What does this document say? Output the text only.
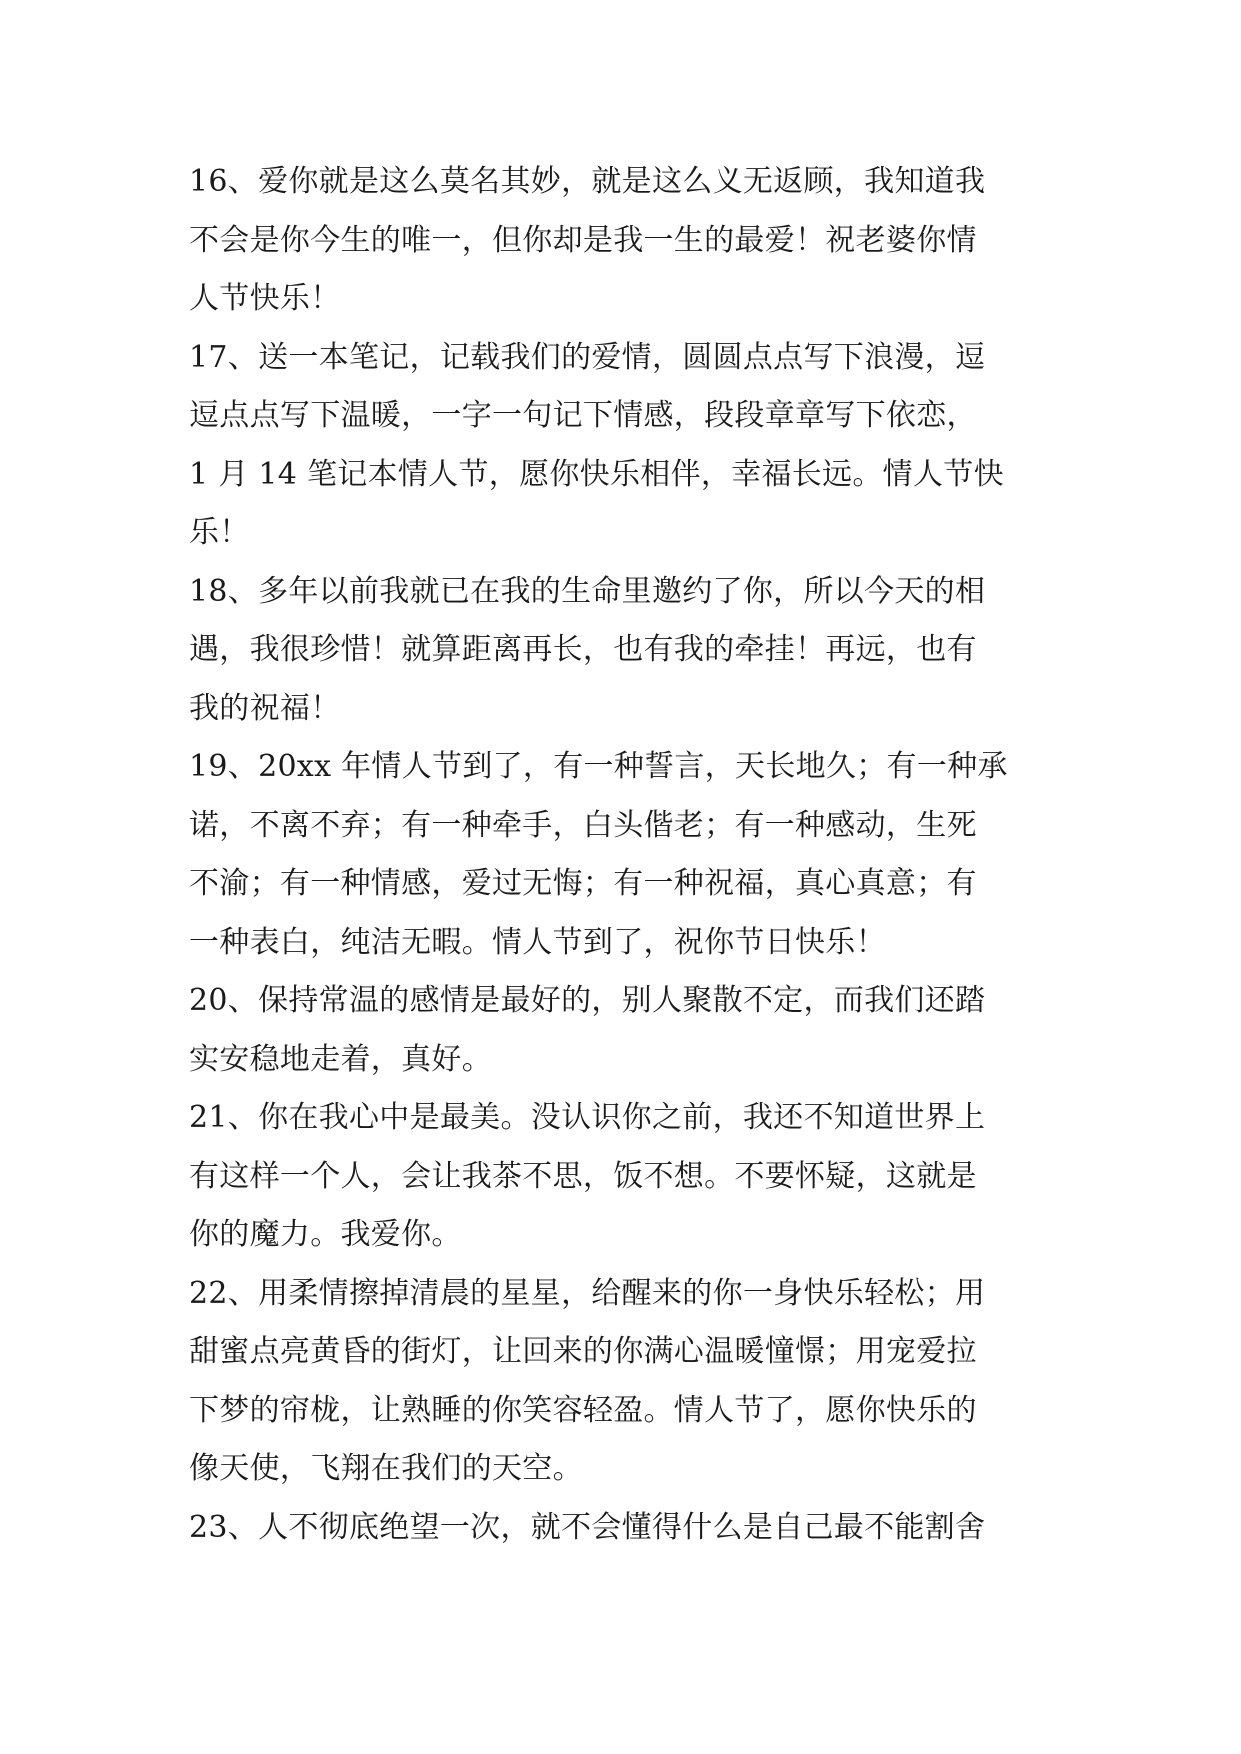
16、爱你就是这么莫名其妙，就是这么义无返顾，我知道我
不会是你今生的唯一，但你却是我一生的最爱！祝老婆你情
人节快乐！
17、送一本笔记，记载我们的爱情，圆圆点点写下浪漫，逗
逗点点写下温暖，一字一句记下情感，段段章章写下依恋，
1 月 14 笔记本情人节，愿你快乐相伴，幸福长远。情人节快
乐！
18、多年以前我就已在我的生命里邀约了你，所以今天的相
遇，我很珍惜！就算距离再长，也有我的牵挂！再远，也有
我的祝福！
19、20xx 年情人节到了，有一种誓言，天长地久；有一种承
诺，不离不弃；有一种牵手，白头偕老；有一种感动，生死
不渝；有一种情感，爱过无悔；有一种祝福，真心真意；有
一种表白，纯洁无暇。情人节到了，祝你节日快乐！
20、保持常温的感情是最好的，别人聚散不定，而我们还踏
实安稳地走着，真好。
21、你在我心中是最美。没认识你之前，我还不知道世界上
有这样一个人，会让我茶不思，饭不想。不要怀疑，这就是
你的魔力。我爱你。
22、用柔情擦掉清晨的星星，给醒来的你一身快乐轻松；用
甜蜜点亮黄昏的街灯，让回来的你满心温暖憧憬；用宠爱拉
下梦的帘栊，让熟睡的你笑容轻盈。情人节了，愿你快乐的
像天使，飞翔在我们的天空。
23、人不彻底绝望一次，就不会懂得什么是自己最不能割舍
